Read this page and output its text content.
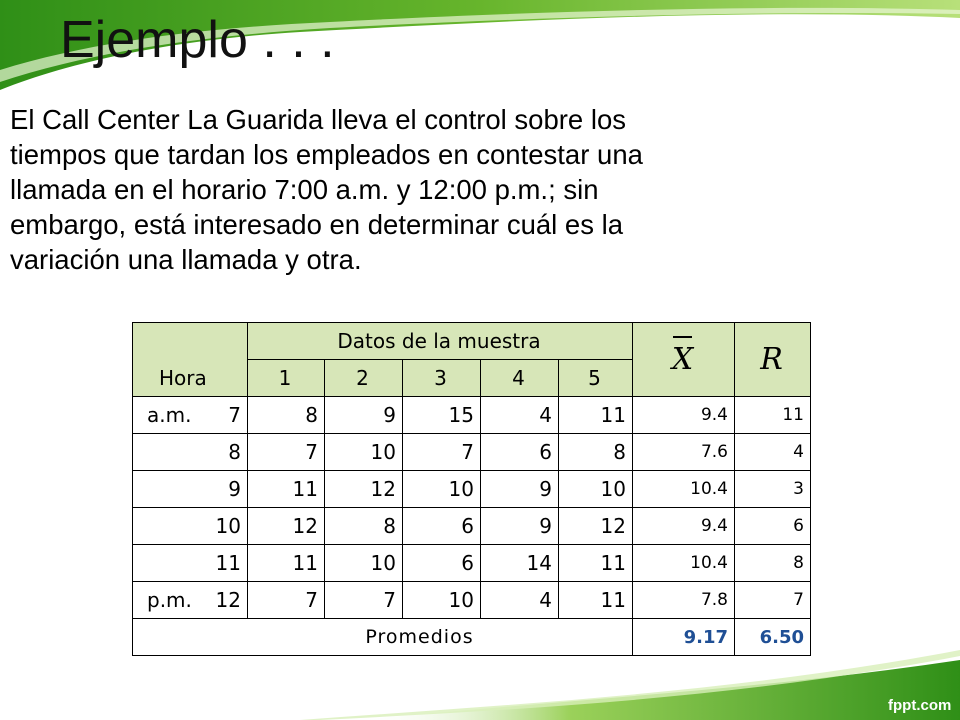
Ejemplo . . .
El Call Center La Guarida lleva el control sobre los
tiempos que tardan los empleados en contestar una
llamada en el horario 7:00 a.m. y 12:00 p.m.; sin
embargo, está interesado en determinar cuál es la
variación una llamada y otra.
Hora	Datos de la muestra					X	R
	1	2	3	4	5		

a.m. 7	8	9	15	4	11	9.4	11

8	7	10	7	6	8	7.6	4

9	11	12	10	9	10	10.4	3

10	12	8	6	9	12	9.4	6

11	11	10	6	14	11	10.4	8

p.m. 12	7	7	10	4	11	7.8	7
Promedios						9.17	6.50
fppt.com
